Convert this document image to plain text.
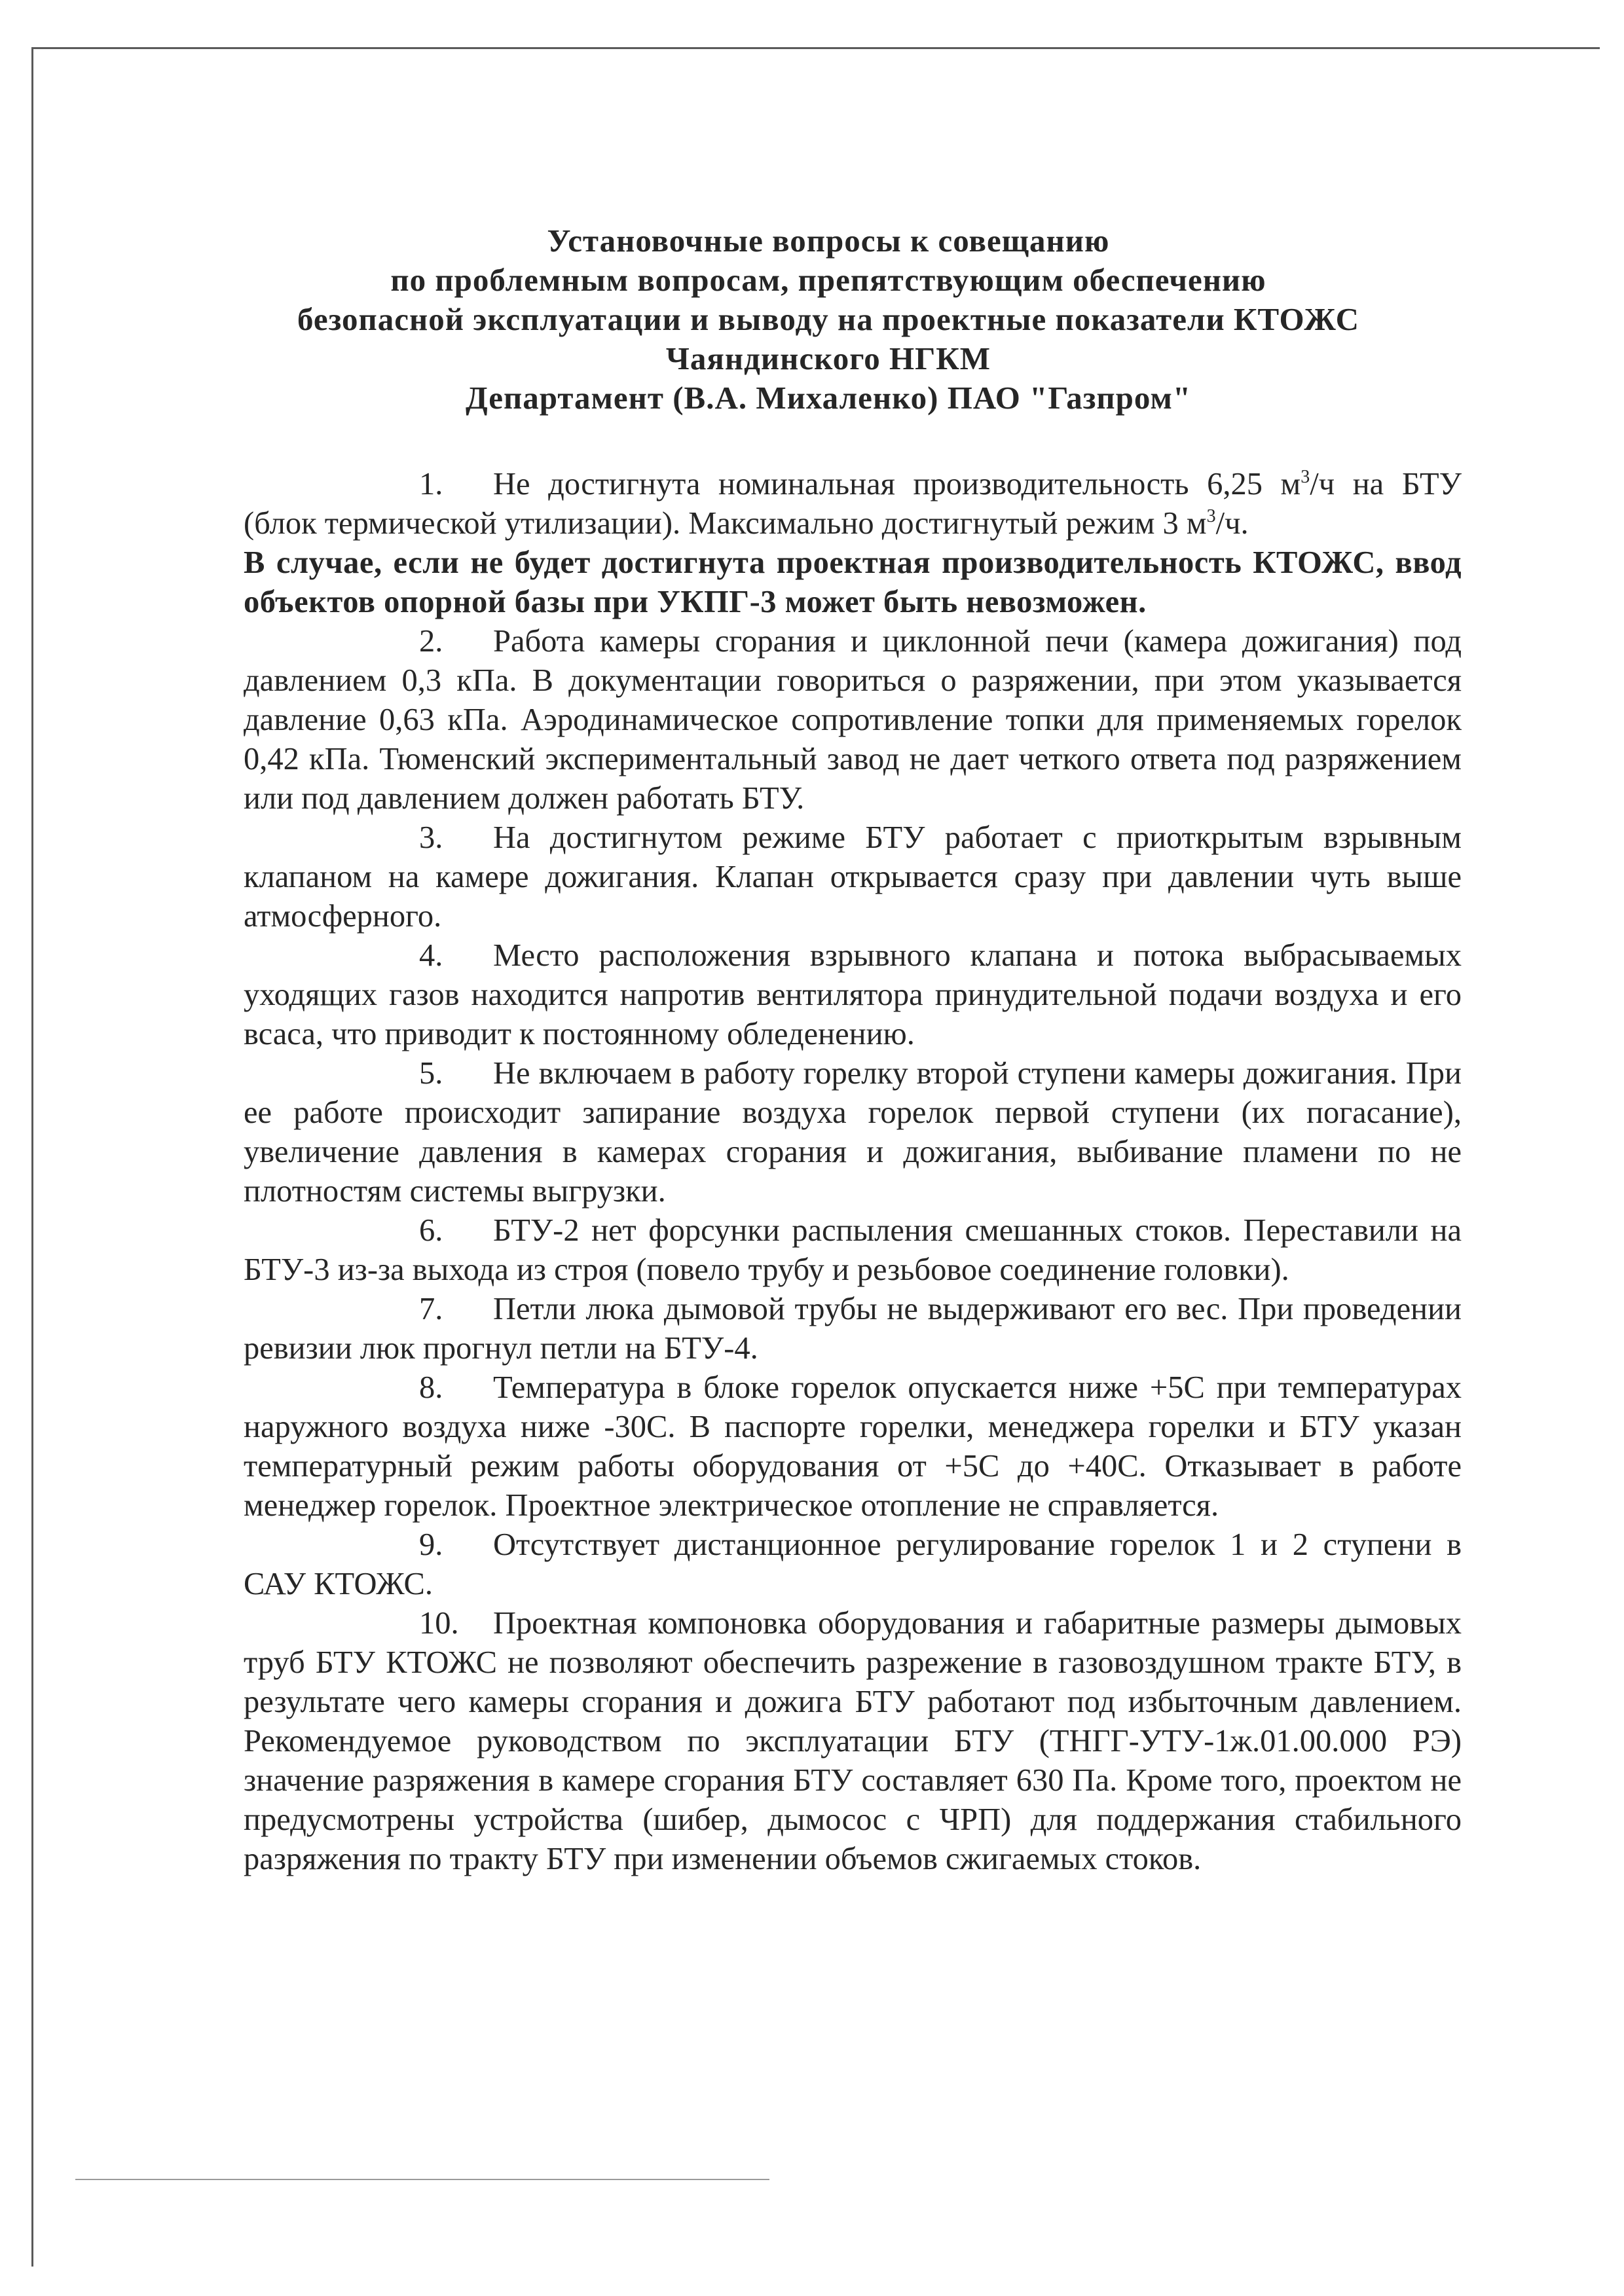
Установочные вопросы к совещанию
по проблемным вопросам, препятствующим обеспечению
безопасной эксплуатации и выводу на проектные показатели КТОЖС
Чаяндинского НГКМ
Департамент (В.А. Михаленко) ПАО "Газпром"

1. Не достигнута номинальная производительность 6,25 $м^3/ч$ на БТУ (блок термической утилизации). Максимально достигнутый режим 3 $м^3/ч$.

В случае, если не будет достигнута проектная производительность КТОЖС, ввод объектов опорной базы при УКПГ-3 может быть невозможен.

2. Работа камеры сгорания и циклонной печи (камера дожигания) под давлением 0,3 кПа. В документации говориться о разряжении, при этом указывается давление 0,63 кПа. Аэродинамическое сопротивление топки для применяемых горелок 0,42 кПа. Тюменский экспериментальный завод не дает четкого ответа под разряжением или под давлением должен работать БТУ.

3. На достигнутом режиме БТУ работает с приоткрытым взрывным клапаном на камере дожигания. Клапан открывается сразу при давлении чуть выше атмосферного.

4. Место расположения взрывного клапана и потока выбрасываемых уходящих газов находится напротив вентилятора принудительной подачи воздуха и его всаса, что приводит к постоянному обледенению.

5. Не включаем в работу горелку второй ступени камеры дожигания. При ее работе происходит запирание воздуха горелок первой ступени (их погасание), увеличение давления в камерах сгорания и дожигания, выбивание пламени по не плотностям системы выгрузки.

6. БТУ-2 нет форсунки распыления смешанных стоков. Переставили на БТУ-3 из-за выхода из строя (повело трубу и резьбовое соединение головки).

7. Петли люка дымовой трубы не выдерживают его вес. При проведении ревизии люк прогнул петли на БТУ-4.

8. Температура в блоке горелок опускается ниже +5С при температурах наружного воздуха ниже -30С. В паспорте горелки, менеджера горелки и БТУ указан температурный режим работы оборудования от +5С до +40С. Отказывает в работе менеджер горелок. Проектное электрическое отопление не справляется.

9. Отсутствует дистанционное регулирование горелок 1 и 2 ступени в САУ КТОЖС.

10. Проектная компоновка оборудования и габаритные размеры дымовых труб БТУ КТОЖС не позволяют обеспечить разрежение в газовоздушном тракте БТУ, в результате чего камеры сгорания и дожига БТУ работают под избыточным давлением. Рекомендуемое руководством по эксплуатации БТУ (ТНГГ-УТУ-1ж.01.00.000 РЭ) значение разряжения в камере сгорания БТУ составляет 630 Па. Кроме того, проектом не предусмотрены устройства (шибер, дымосос с ЧРП) для поддержания стабильного разряжения по тракту БТУ при изменении объемов сжигаемых стоков.
